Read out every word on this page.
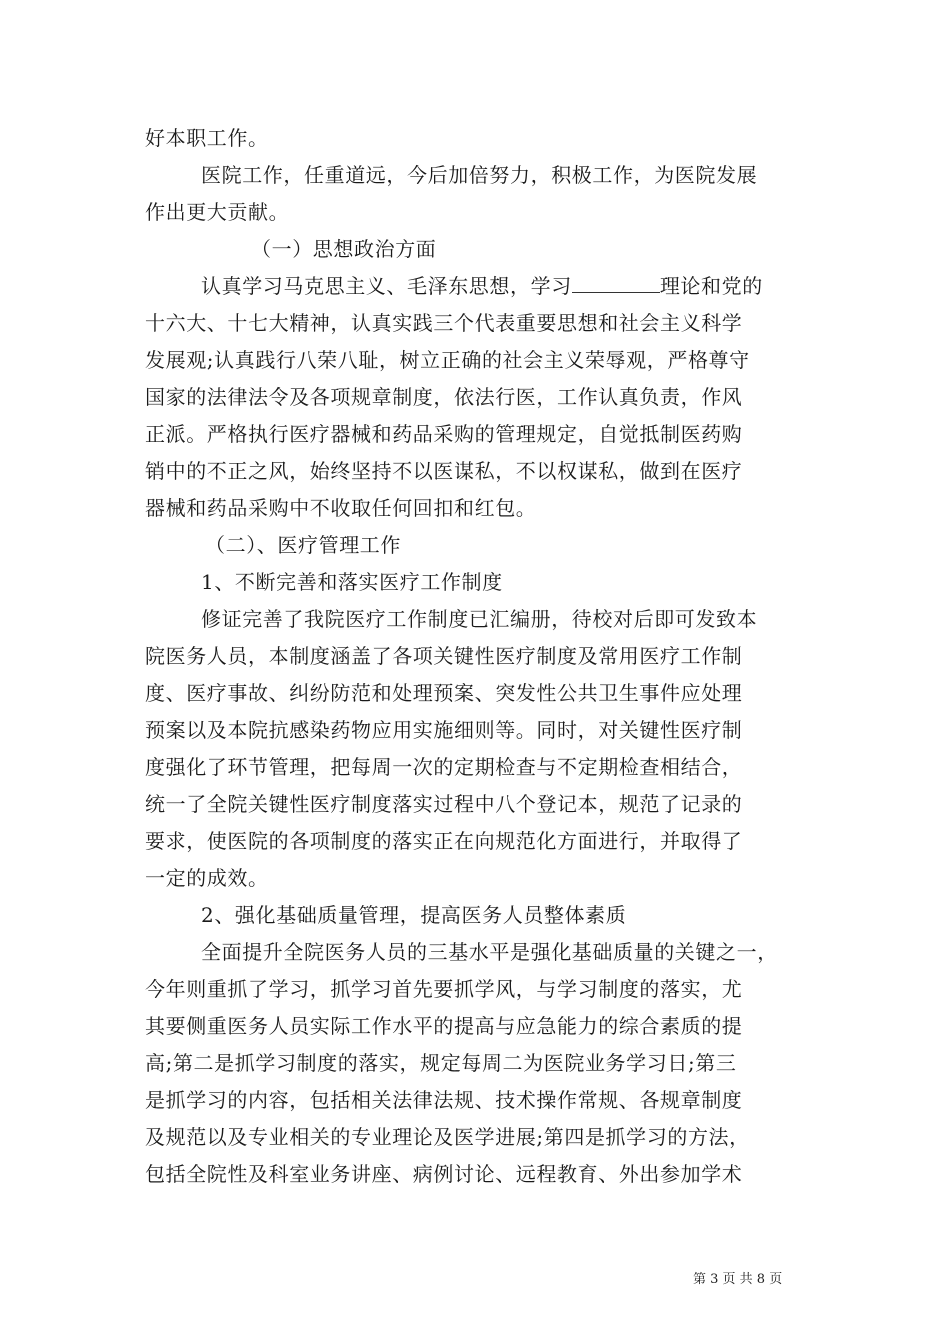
好本职工作。
医院工作，任重道远，今后加倍努力，积极工作，为医院发展
作出更大贡献。
（一）思想政治方面
认真学习马克思主义、毛泽东思想，学习	理论和党的
十六大、十七大精神，认真实践三个代表重要思想和社会主义科学
发展观;认真践行八荣八耻，树立正确的社会主义荣辱观，严格尊守
国家的法律法令及各项规章制度，依法行医，工作认真负责，作风
正派。严格执行医疗器械和药品采购的管理规定，自觉抵制医药购
销中的不正之风，始终坚持不以医谋私，不以权谋私，做到在医疗
器械和药品采购中不收取任何回扣和红包。
（二）、医疗管理工作
1、不断完善和落实医疗工作制度
修证完善了我院医疗工作制度已汇编册，待校对后即可发致本
院医务人员，本制度涵盖了各项关键性医疗制度及常用医疗工作制
度、医疗事故、纠纷防范和处理预案、突发性公共卫生事件应处理
预案以及本院抗感染药物应用实施细则等。同时，对关键性医疗制
度强化了环节管理，把每周一次的定期检查与不定期检查相结合，
统一了全院关键性医疗制度落实过程中八个登记本，规范了记录的
要求，使医院的各项制度的落实正在向规范化方面进行，并取得了
一定的成效。
2、强化基础质量管理，提高医务人员整体素质
全面提升全院医务人员的三基水平是强化基础质量的关键之一，
今年则重抓了学习，抓学习首先要抓学风，与学习制度的落实，尤
其要侧重医务人员实际工作水平的提高与应急能力的综合素质的提
高;第二是抓学习制度的落实，规定每周二为医院业务学习日;第三
是抓学习的内容，包括相关法律法规、技术操作常规、各规章制度
及规范以及专业相关的专业理论及医学进展;第四是抓学习的方法，
包括全院性及科室业务讲座、病例讨论、远程教育、外出参加学术
第 3 页 共 8 页
